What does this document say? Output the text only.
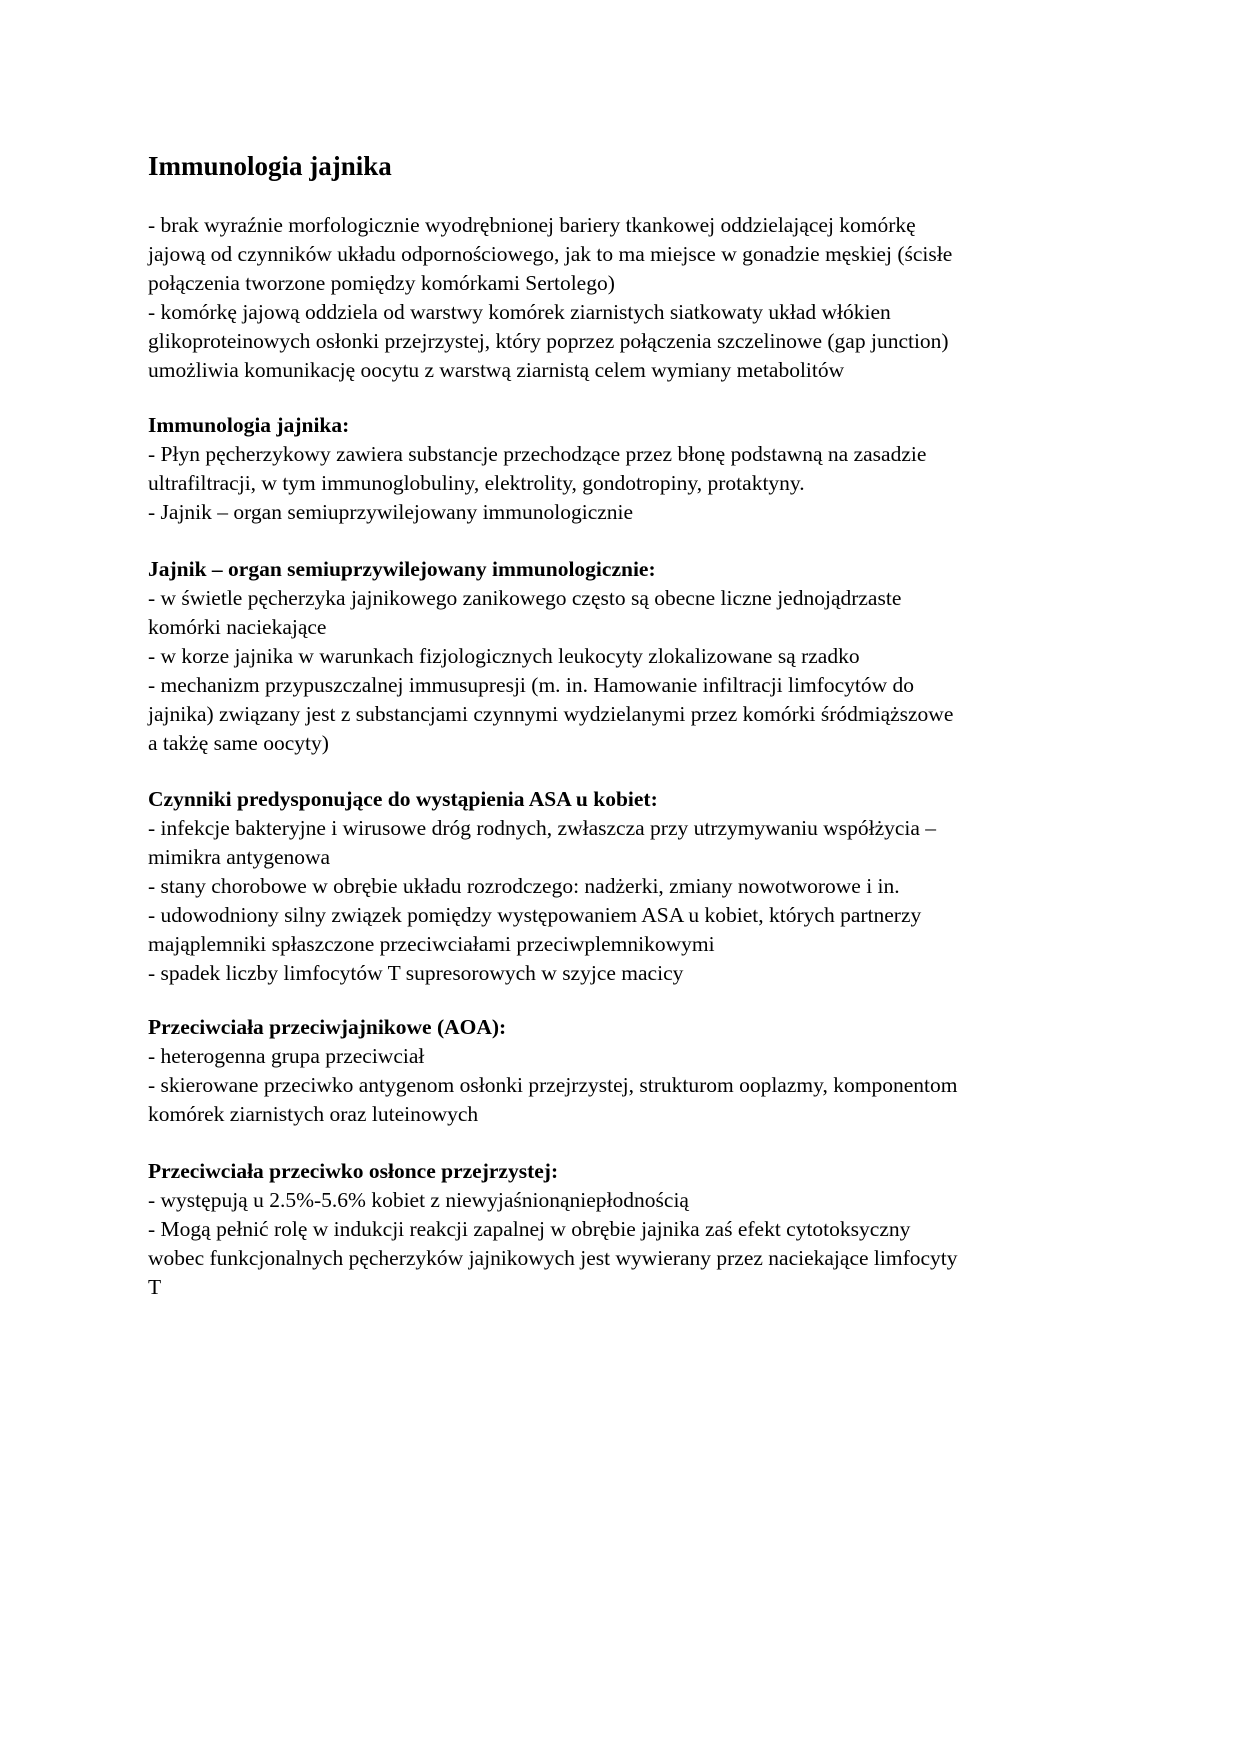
Immunologia jajnika
- brak wyraźnie morfologicznie wyodrębnionej bariery tkankowej oddzielającej komórkę
jajową od czynników układu odpornościowego, jak to ma miejsce w gonadzie męskiej (ścisłe
połączenia tworzone pomiędzy komórkami Sertolego)
- komórkę jajową oddziela od warstwy komórek ziarnistych siatkowaty układ włókien
glikoproteinowych osłonki przejrzystej, który poprzez połączenia szczelinowe (gap junction)
umożliwia komunikację oocytu z warstwą ziarnistą celem wymiany metabolitów
Immunologia jajnika:
- Płyn pęcherzykowy zawiera substancje przechodzące przez błonę podstawną na zasadzie
ultrafiltracji, w tym immunoglobuliny, elektrolity, gondotropiny, protaktyny.
- Jajnik – organ semiuprzywilejowany immunologicznie
Jajnik – organ semiuprzywilejowany immunologicznie:
- w świetle pęcherzyka jajnikowego zanikowego często są obecne liczne jednojądrzaste
komórki naciekające
- w korze jajnika w warunkach fizjologicznych leukocyty zlokalizowane są rzadko
- mechanizm przypuszczalnej immusupresji (m. in. Hamowanie infiltracji limfocytów do
jajnika) związany jest z substancjami czynnymi wydzielanymi przez komórki śródmiąższowe
a takżę same oocyty)
Czynniki predysponujące do wystąpienia ASA u kobiet:
- infekcje bakteryjne i wirusowe dróg rodnych, zwłaszcza przy utrzymywaniu współżycia –
mimikra antygenowa
- stany chorobowe w obrębie układu rozrodczego: nadżerki, zmiany nowotworowe i in.
- udowodniony silny związek pomiędzy występowaniem ASA u kobiet, których partnerzy
mająplemniki spłaszczone przeciwciałami przeciwplemnikowymi
- spadek liczby limfocytów T supresorowych w szyjce macicy
Przeciwciała przeciwjajnikowe (AOA):
- heterogenna grupa przeciwciał
- skierowane przeciwko antygenom osłonki przejrzystej, strukturom ooplazmy, komponentom
komórek ziarnistych oraz luteinowych
Przeciwciała przeciwko osłonce przejrzystej:
- występują u 2.5%-5.6% kobiet z niewyjaśnionąniepłodnością
- Mogą pełnić rolę w indukcji reakcji zapalnej w obrębie jajnika zaś efekt cytotoksyczny
wobec funkcjonalnych pęcherzyków jajnikowych jest wywierany przez naciekające limfocyty
T
